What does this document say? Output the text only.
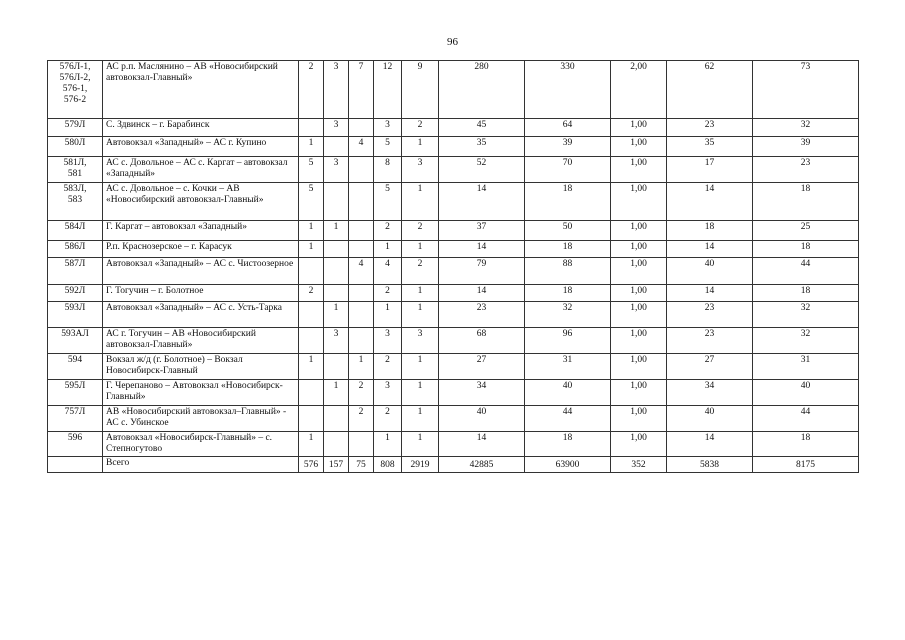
96
576Л-1,
576Л-2,
576-1,
576-2	АС р.п. Маслянино – АВ «Новосибирский автовокзал-Главный»	2	3	7	12	9	280	330	2,00	62	73
579Л	С. Здвинск – г. Барабинск		3		3	2	45	64	1,00	23	32
580Л	Автовокзал «Западный» – АС г. Купино	1		4	5	1	35	39	1,00	35	39
581Л,
581	АС с. Довольное – АС с. Каргат – автовокзал «Западный»	5	3		8	3	52	70	1,00	17	23
583Л,
583	АС с. Довольное – с. Кочки – АВ «Новосибирский автовокзал-Главный»	5			5	1	14	18	1,00	14	18
584Л	Г. Каргат – автовокзал «Западный»	1	1		2	2	37	50	1,00	18	25
586Л	Р.п. Краснозерское – г. Карасук	1			1	1	14	18	1,00	14	18
587Л	Автовокзал «Западный» – АС с. Чистоозерное			4	4	2	79	88	1,00	40	44
592Л	Г. Тогучин – г. Болотное	2			2	1	14	18	1,00	14	18
593Л	Автовокзал «Западный» – АС с. Усть-Тарка		1		1	1	23	32	1,00	23	32
593АЛ	АС г. Тогучин – АВ «Новосибирский автовокзал-Главный»		3		3	3	68	96	1,00	23	32
594	Вокзал ж/д (г. Болотное) – Вокзал Новосибирск-Главный	1		1	2	1	27	31	1,00	27	31
595Л	Г. Черепаново – Автовокзал «Новосибирск-Главный»		1	2	3	1	34	40	1,00	34	40
757Л	АВ «Новосибирский автовокзал–Главный» - АС с. Убинское			2	2	1	40	44	1,00	40	44
596	Автовокзал «Новосибирск-Главный» – с. Степногутово	1			1	1	14	18	1,00	14	18
	Всего	576	157	75	808	2919	42885	63900	352	5838	8175
